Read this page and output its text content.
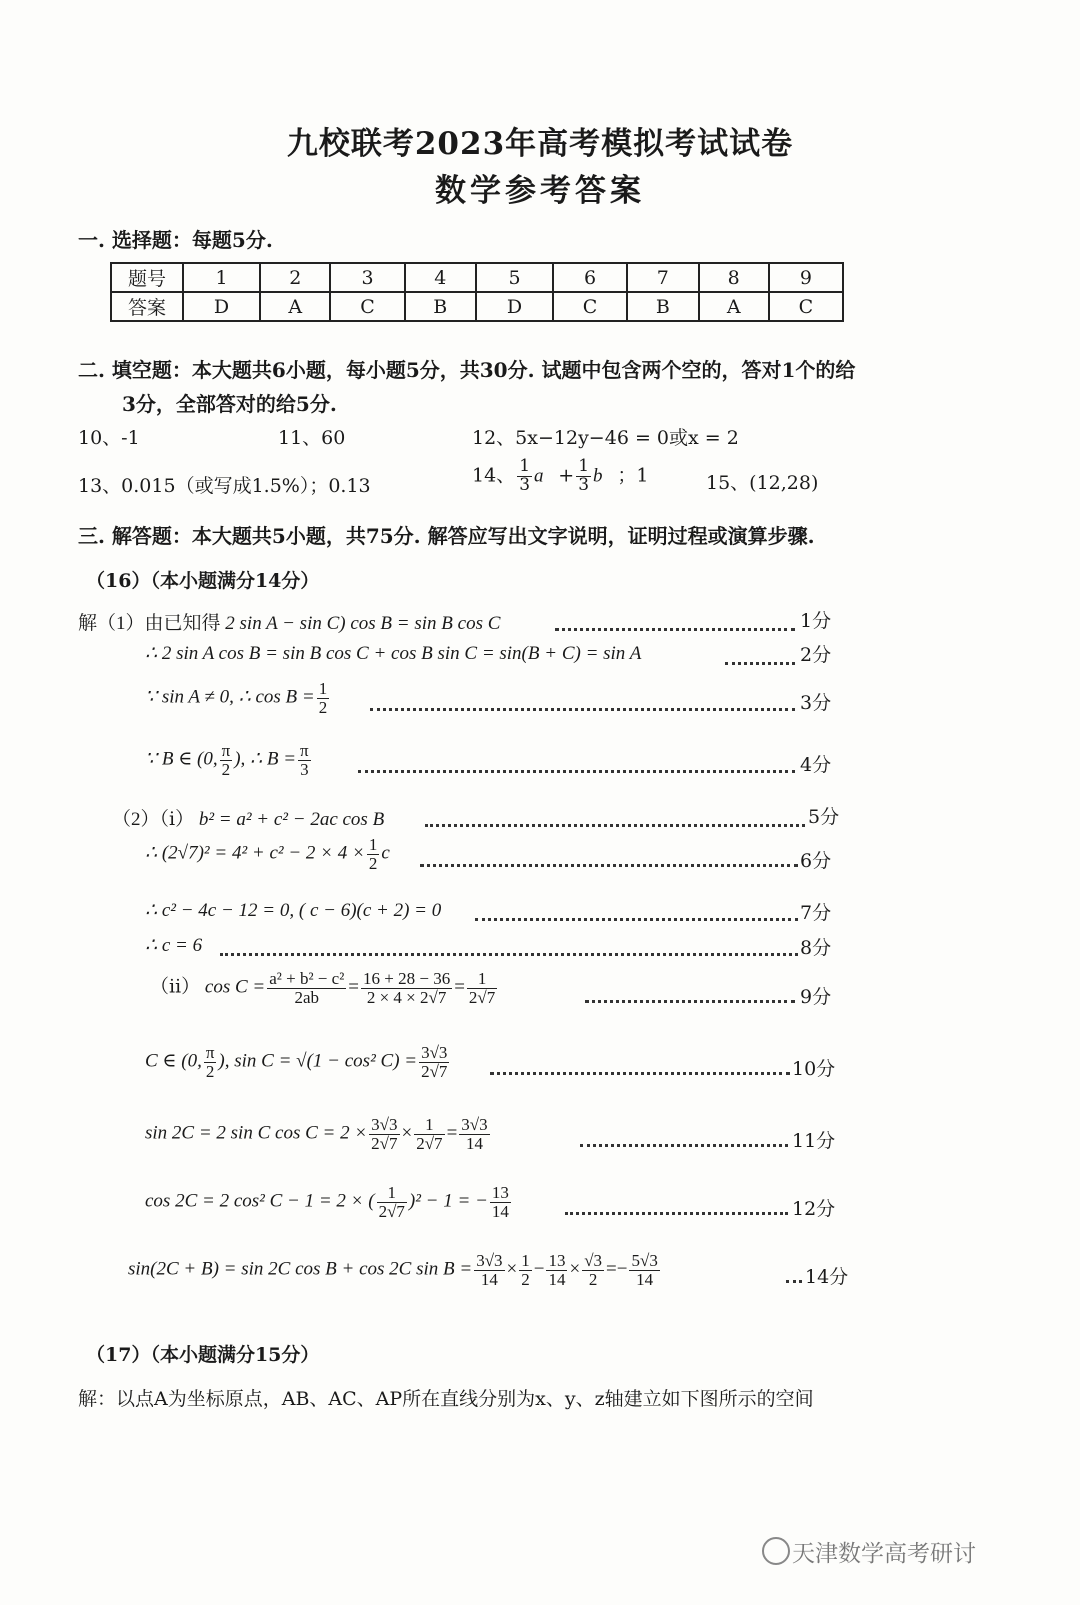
九校联考2023年高考模拟考试试卷
数学参考答案
一. 选择题：每题5分.
题号	1	2	3	4	5	6	7	8	9
答案	D	A	C	B	D	C	B	A	C
二. 填空题：本大题共6小题，每小题5分，共30分. 试题中包含两个空的，答对1个的给
3分，全部答对的给5分.
10、-1	11、60	12、5x−12y−46 = 0或x = 2
13、0.015（或写成1.5%）；0.13	14、 $\frac{1}{3}$ a⃗+ $\frac{1}{3}$ b⃗；1	15、(12,28)
三. 解答题：本大题共5小题，共75分. 解答应写出文字说明，证明过程或演算步骤.
（16）（本小题满分14分）
解（1）由已知得 2 sin A − sin C) cos B = sin B cos C	1分
∴ 2 sin A cos B = sin B cos C + cos B sin C = sin(B + C) = sin A	2分
∵ sin A ≠ 0, ∴ $\cos B = \frac{1}{2}$	3分
∵ B ∈ (0, $\frac{\pi}{2}$ ), ∴ $B = \frac{\pi}{3}$	4分
（2）（ⅰ） b² = a² + c² − 2ac cos B	5分
∴ $(2√7)^2 = 4^2 + c^2 - 2 \times 4 \times \frac{1}{2}$ c	6分
∴ c² − 4c − 12 = 0, ( c − 6)(c + 2) = 0	7分
∴ c = 6	8分
（ⅱ） $\cos C = \frac{\text{a² + b² − c²}}{2ab} = \frac{16 + 28 - 36}{2 \times 4 \times 2√7} = \frac{1}{2√7}$	9分
C ∈ (0, $\frac{\pi}{2}$ ), sin C = √(1 − cos² $C) = \frac{3√3}{2√7}$	10分
sin 2C = 2 sin C $\cos C = 2 \times \frac{3√3}{2√7} \times \frac{1}{2√7} = \frac{3√3}{14}$	11分
cos 2C = 2 cos² C − 1 = 2 × ( $\frac{1}{2√7} )^2 - 1$ = − $\frac{13}{14}$	12分
sin(2C + B) = sin 2C cos B + cos 2C $\sin B = \frac{3√3}{14} \times \frac{1}{2} - \frac{13}{14} \times \frac{√3}{2} =- \frac{5√3}{14}$	14分
（17）（本小题满分15分）
解：以点A为坐标原点，AB、AC、AP所在直线分别为x、y、z轴建立如下图所示的空间
天津数学高考研讨
